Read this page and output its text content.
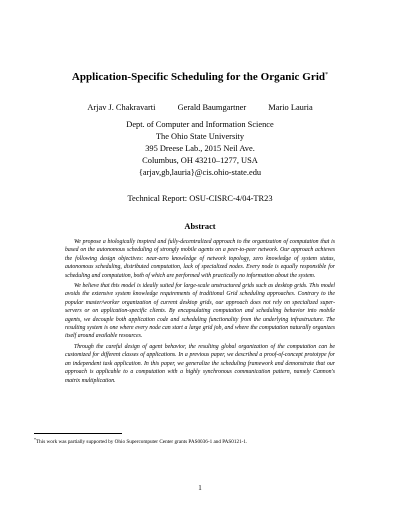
Application-Specific Scheduling for the Organic Grid*
Arjav J. Chakravarti	Gerald Baumgartner	Mario Lauria
Dept. of Computer and Information Science
The Ohio State University
395 Dreese Lab., 2015 Neil Ave.
Columbus, OH 43210–1277, USA
{arjav,gb,lauria}@cis.ohio-state.edu
Technical Report: OSU-CISRC-4/04-TR23
Abstract

We propose a biologically inspired and fully-decentralized approach to the organization of computation that is based on the autonomous scheduling of strongly mobile agents on a peer-to-peer network. Our approach achieves the following design objectives: near-zero knowledge of network topology, zero knowledge of system status, autonomous scheduling, distributed computation, lack of specialized nodes. Every node is equally responsible for scheduling and computation, both of which are performed with practically no information about the system.

We believe that this model is ideally suited for large-scale unstructured grids such as desktop grids. This model avoids the extensive system knowledge requirements of traditional Grid scheduling approaches. Contrary to the popular master/worker organization of current desktop grids, our approach does not rely on specialized super-servers or on application-specific clients. By encapsulating computation and scheduling behavior into mobile agents, we decouple both application code and scheduling functionality from the underlying infrastructure. The resulting system is one where every node can start a large grid job, and where the computation naturally organizes itself around available resources.

Through the careful design of agent behavior, the resulting global organization of the computation can be customized for different classes of applications. In a previous paper, we described a proof-of-concept prototype for an independent task application. In this paper, we generalize the scheduling framework and demonstrate that our approach is applicable to a computation with a highly synchronous communication pattern, namely Cannon's matrix multiplication.

*This work was partially supported by Ohio Supercomputer Center grants PAS0036-1 and PAS0121-1.
1
